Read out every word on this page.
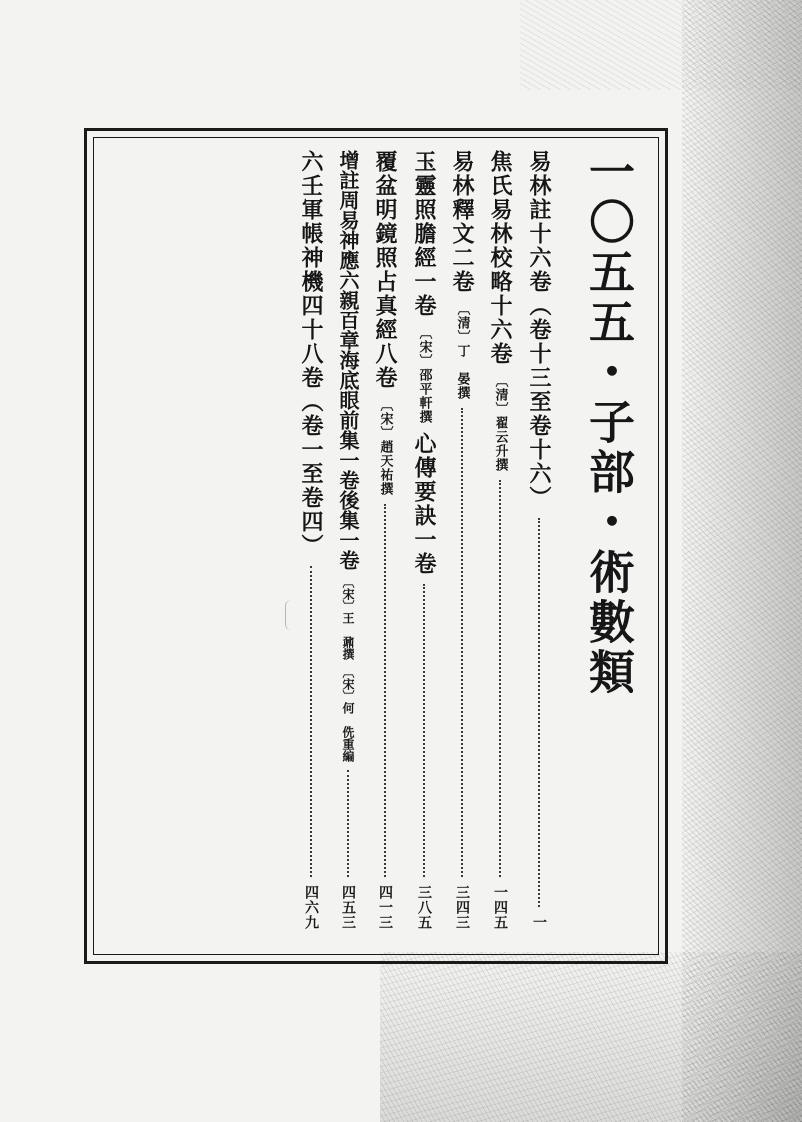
一〇五五・子部・術數類
易林註十六卷（卷十三至卷十六）
一
焦氏易林校略十六卷
〔清〕翟云升撰
一四五
易林釋文二卷
〔清〕丁　晏撰
三四三
玉靈照膽經一卷
〔宋〕邵平軒撰
心傳要訣一卷
三八五
覆盆明鏡照占真經八卷
〔宋〕趙天祐撰
四一三
增註周易神應六親百章海底眼前集一卷後集一卷
〔宋〕王　鼐撰　〔宋〕何　侁重編
四五三
六壬軍帳神機四十八卷（卷一至卷四）
四六九
